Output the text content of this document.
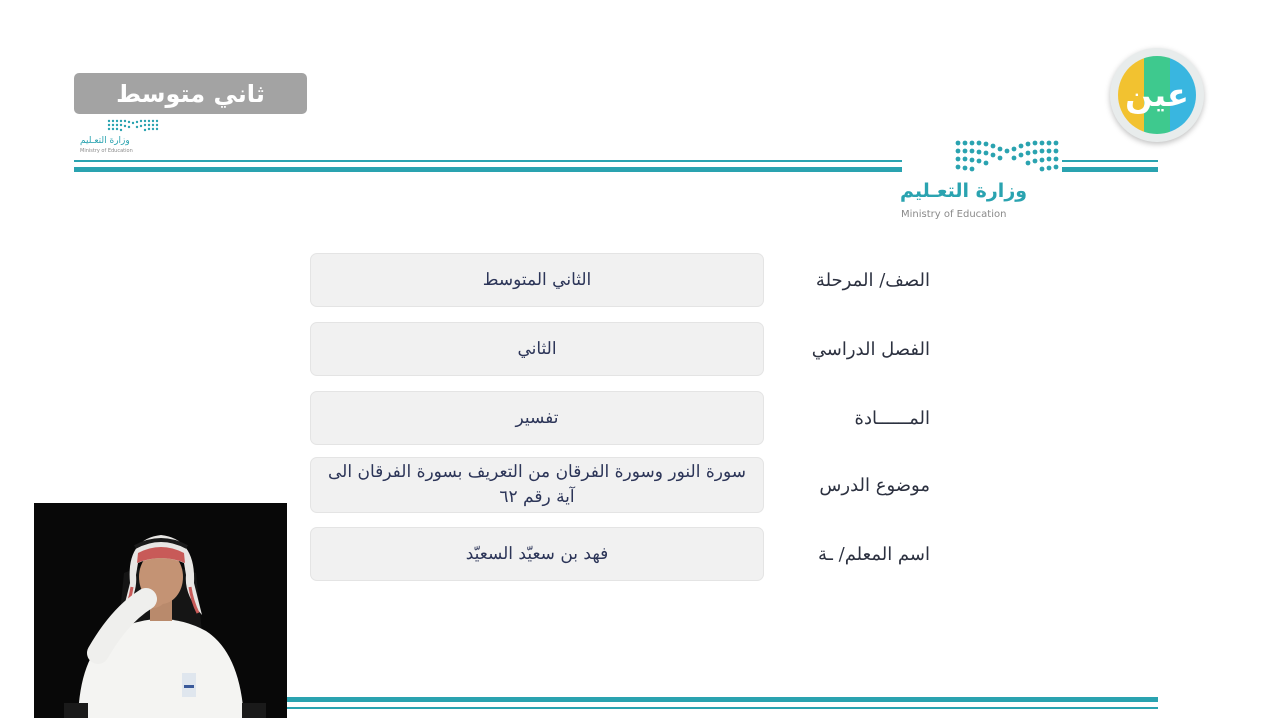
ثاني متوسط
وزارة التعـليم
Ministry of Education
وزارة التعـليم
Ministry of Education
عين
الصف/ المرحلة
الثاني المتوسط
الفصل الدراسي
الثاني
المــــــادة
تفسير
موضوع الدرس
سورة النور وسورة الفرقان من التعريف بسورة الفرقان الى آية رقم ٦٢
اسم المعلم/ ـة
فهد بن سعيّد السعيّد
